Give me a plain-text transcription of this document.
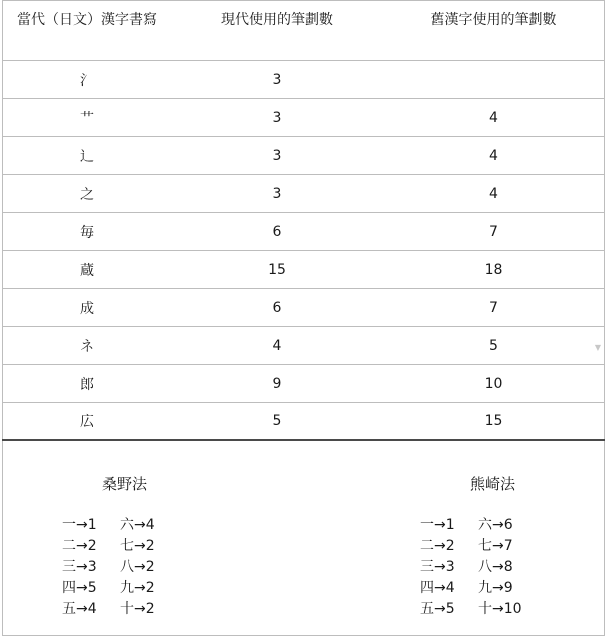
當代（日文）漢字書寫	現代使用的筆劃數	舊漢字使用的筆劃數

氵	3	
艹	3	4
辶	3	4
之	3	4
毎	6	7
蔵	15	18
成	6	7
ネ	4	5
郎	9	10
広	5	15
▼
桑野法
一→1 六→4
二→2 七→2
三→3 八→2
四→5 九→2
五→4 十→2
熊崎法
一→1 六→6
二→2 七→7
三→3 八→8
四→4 九→9
五→5 十→10
